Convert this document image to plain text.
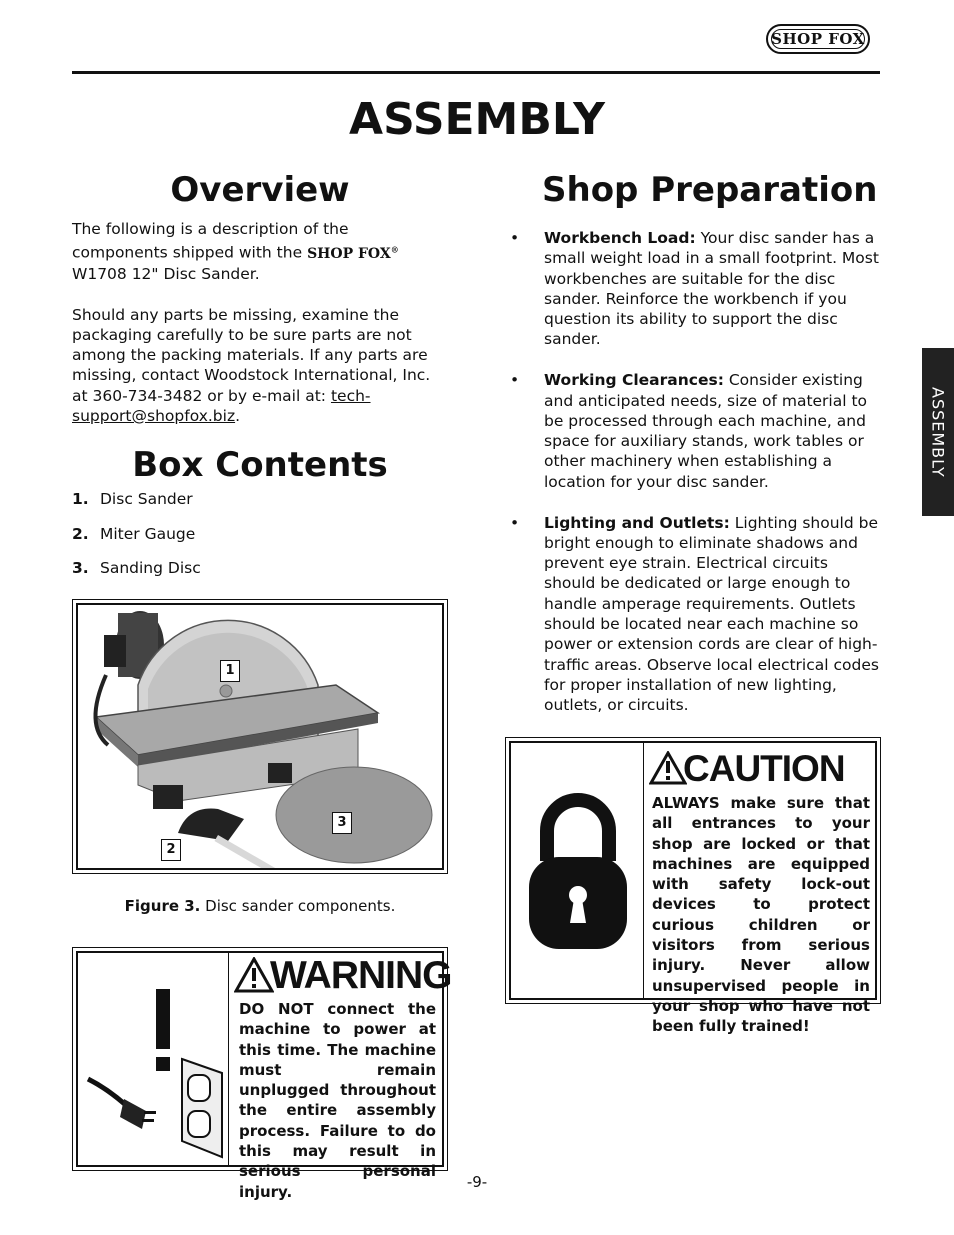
SHOP FOX
ASSEMBLY
Overview

The following is a description of the components shipped with the SHOP FOX® W1708 12" Disc Sander.

Should any parts be missing, examine the packaging carefully to be sure parts are not among the packing materials. If any parts are missing, contact Woodstock International, Inc. at 360-734-3482 or by e-mail at: tech-support@shopfox.biz.

Box Contents
1. Disc Sander
2. Miter Gauge
3. Sanding Disc
1
2
3
Figure 3. Disc sander components.
WARNING
DO NOT connect the machine to power at this time. The machine must remain unplugged throughout the entire assembly process. Failure to do this may result in serious personal injury.
Shop Preparation
• Workbench Load: Your disc sander has a small weight load in a small footprint. Most workbenches are suitable for the disc sander. Reinforce the workbench if you question its ability to support the disc sander.
• Working Clearances: Consider existing and anticipated needs, size of material to be processed through each machine, and space for auxiliary stands, work tables or other machinery when establishing a location for your disc sander.
• Lighting and Outlets: Lighting should be bright enough to eliminate shadows and prevent eye strain. Electrical circuits should be dedicated or large enough to handle amperage requirements. Outlets should be located near each machine so power or extension cords are clear of high-traffic areas. Observe local electrical codes for proper installation of new lighting, outlets, or circuits.
CAUTION
ALWAYS make sure that all entrances to your shop are locked or that machines are equipped with safety lock-out devices to protect curious children or visitors from serious injury. Never allow unsupervised people in your shop who have not been fully trained!
ASSEMBLY
-9-
